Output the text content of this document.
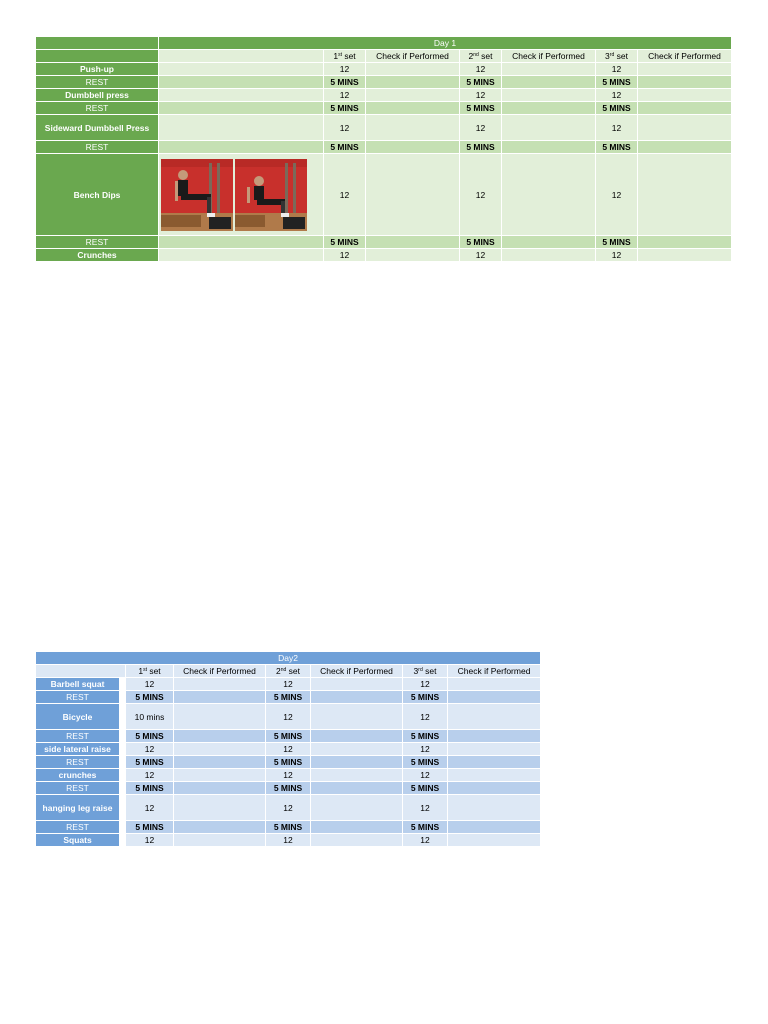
	Day 1						
		1st set	Check if Performed	2nd set	Check if Performed	3rd set	Check if Performed
Push-up		12		12		12	
REST		5 MINS		5 MINS		5 MINS	
Dumbbell press		12		12		12	
REST		5 MINS		5 MINS		5 MINS	
Sideward Dumbbell Press		12		12		12	
REST		5 MINS		5 MINS		5 MINS	
Bench Dips		12		12		12	
REST		5 MINS		5 MINS		5 MINS	
Crunches		12		12		12	
Day2							
		1st set	Check if Performed	2nd set	Check if Performed	3rd set	Check if Performed
Barbell squat		12		12		12	
REST		5 MINS		5 MINS		5 MINS	
Bicycle		10 mins		12		12	
REST		5 MINS		5 MINS		5 MINS	
side lateral raise		12		12		12	
REST		5 MINS		5 MINS		5 MINS	
crunches		12		12		12	
REST		5 MINS		5 MINS		5 MINS	
hanging leg raise		12		12		12	
REST		5 MINS		5 MINS		5 MINS	
Squats		12		12		12	
